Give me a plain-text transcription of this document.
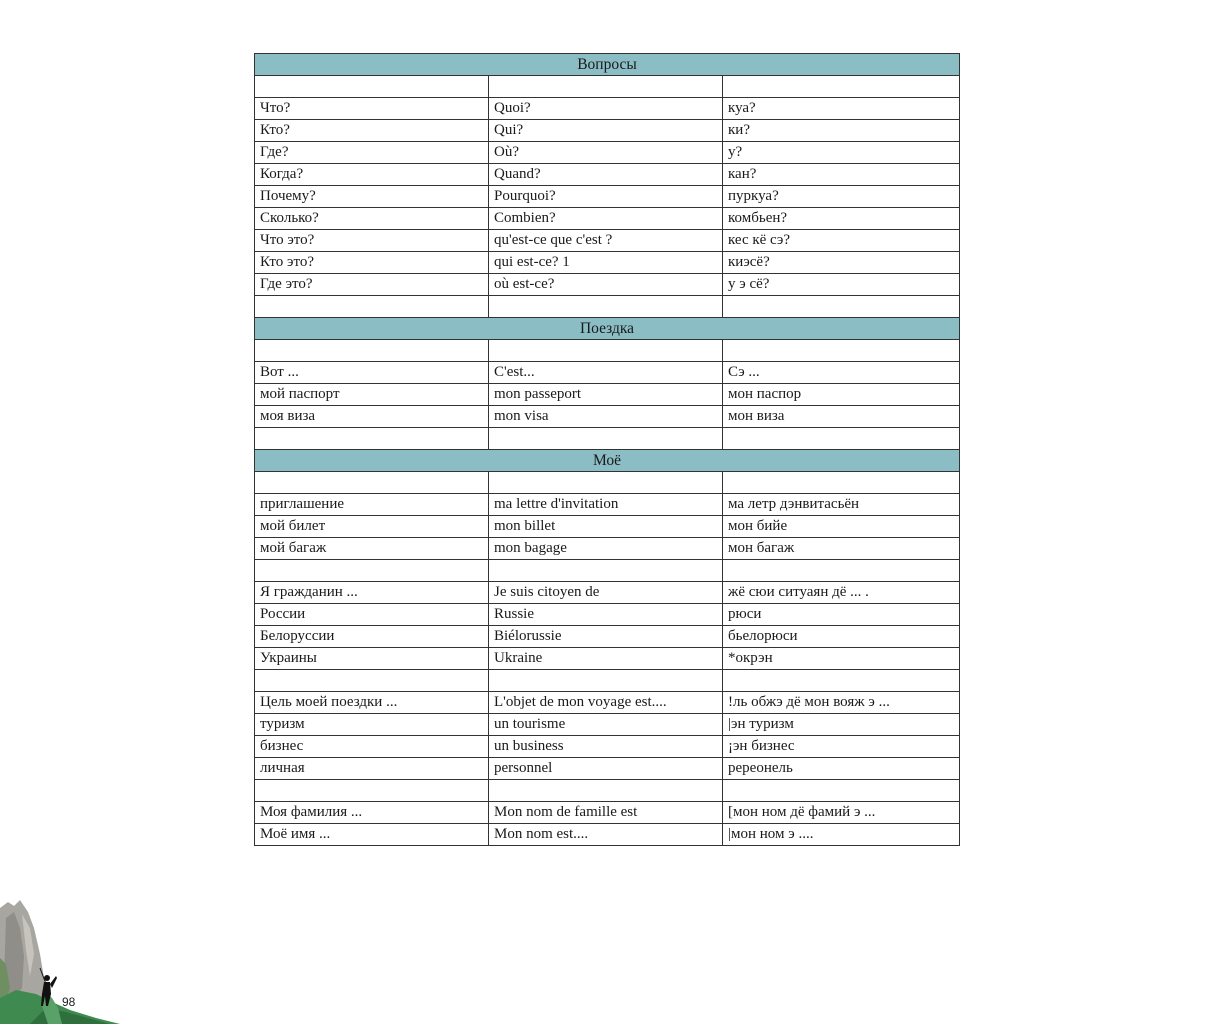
Вопросы		

Что?	Quoi?	куа?
Кто?	Qui?	ки?
Где?	Où?	у?
Когда?	Quand?	кан?
Почему?	Pourquoi?	пуркуа?
Сколько?	Combien?	комбьен?
Что это?	qu'est-ce que c'est ?	кес кё сэ?
Кто это?	qui est-ce? 1	киэсё?
Где это?	où est-ce?	у э сё?

Поездка		

Вот ...	C'est...	Сэ ...
мой паспорт	mon passeport	мон паспор
моя виза	mon visa	мон виза

Моё		

приглашение	ma lettre d'invitation	ма летр дэнвитасьён
мой билет	mon billet	мон бийе
мой багаж	mon bagage	мон багаж

Я гражданин ...	Je suis citoyen de	жё сюи ситуаян дё ... .
России	Russie	рюси
Белоруссии	Biélorussie	бьелорюси
Украины	Ukraine	*окрэн

Цель моей поездки ...	L'objet de mon voyage est....	!ль обжэ дё мон вояж э ...
туризм	un tourisme	|эн туризм
бизнес	un business	¡эн бизнес
личная	personnel	ререонель

Моя фамилия ...	Mon nom de famille est	[мон ном дё фамий э ...
Моё имя ...	Mon nom est....	|мон ном э ....
98
